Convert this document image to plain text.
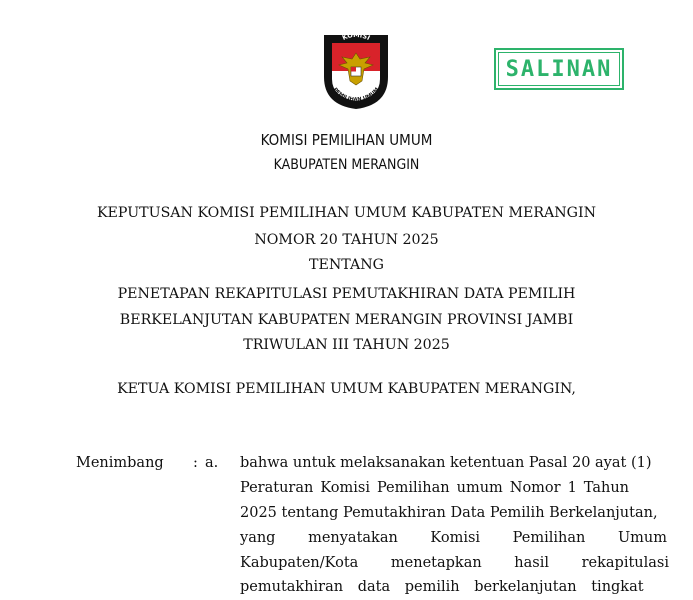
KOMISI
PEMILIHAN UMUM
SALINAN
KOMISI PEMILIHAN UMUM
KABUPATEN MERANGIN
KEPUTUSAN KOMISI PEMILIHAN UMUM KABUPATEN MERANGIN
NOMOR 20 TAHUN 2025
TENTANG
PENETAPAN REKAPITULASI PEMUTAKHIRAN DATA PEMILIH
BERKELANJUTAN KABUPATEN MERANGIN PROVINSI JAMBI
TRIWULAN III TAHUN 2025
KETUA KOMISI PEMILIHAN UMUM KABUPATEN MERANGIN,
Menimbang : a. bahwa untuk melaksanakan ketentuan Pasal 20 ayat (1)
Peraturan Komisi Pemilihan umum Nomor 1 Tahun
2025 tentang Pemutakhiran Data Pemilih Berkelanjutan,
yang menyatakan Komisi Pemilihan Umum
Kabupaten/Kota menetapkan hasil rekapitulasi
pemutakhiran data pemilih berkelanjutan tingkat
